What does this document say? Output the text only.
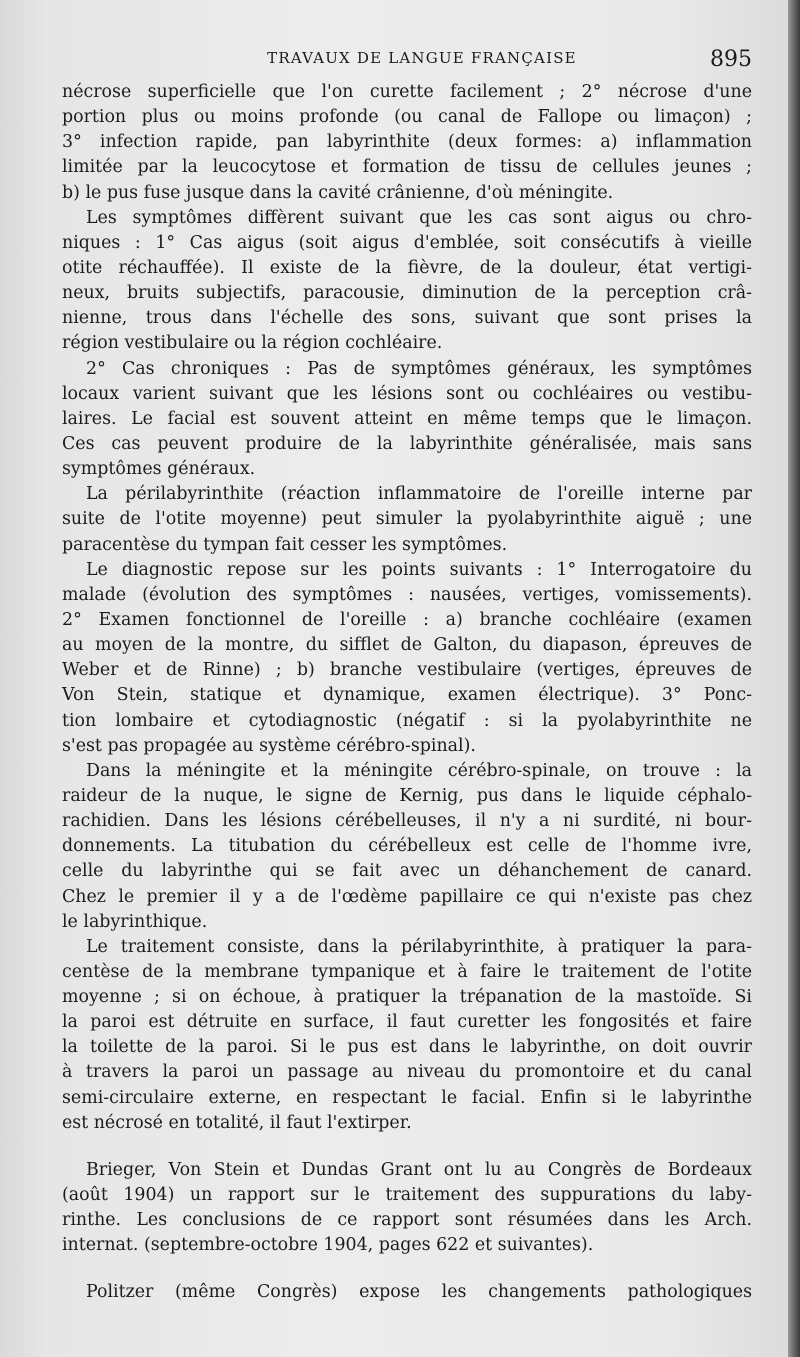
TRAVAUX DE LANGUE FRANÇAISE	895
nécrose superficielle que l'on curette facilement ; 2° nécrose d'une
portion plus ou moins profonde (ou canal de Fallope ou limaçon) ;
3° infection rapide, pan labyrinthite (deux formes: a) inflammation
limitée par la leucocytose et formation de tissu de cellules jeunes ;
b) le pus fuse jusque dans la cavité crânienne, d'où méningite.
Les symptômes diffèrent suivant que les cas sont aigus ou chro-
niques : 1° Cas aigus (soit aigus d'emblée, soit consécutifs à vieille
otite réchauffée). Il existe de la fièvre, de la douleur, état vertigi-
neux, bruits subjectifs, paracousie, diminution de la perception crâ-
nienne, trous dans l'échelle des sons, suivant que sont prises la
région vestibulaire ou la région cochléaire.
2° Cas chroniques : Pas de symptômes généraux, les symptômes
locaux varient suivant que les lésions sont ou cochléaires ou vestibu-
laires. Le facial est souvent atteint en même temps que le limaçon.
Ces cas peuvent produire de la labyrinthite généralisée, mais sans
symptômes généraux.
La périlabyrinthite (réaction inflammatoire de l'oreille interne par
suite de l'otite moyenne) peut simuler la pyolabyrinthite aiguë ; une
paracentèse du tympan fait cesser les symptômes.
Le diagnostic repose sur les points suivants : 1° Interrogatoire du
malade (évolution des symptômes : nausées, vertiges, vomissements).
2° Examen fonctionnel de l'oreille : a) branche cochléaire (examen
au moyen de la montre, du sifflet de Galton, du diapason, épreuves de
Weber et de Rinne) ; b) branche vestibulaire (vertiges, épreuves de
Von Stein, statique et dynamique, examen électrique). 3° Ponc-
tion lombaire et cytodiagnostic (négatif : si la pyolabyrinthite ne
s'est pas propagée au système cérébro-spinal).
Dans la méningite et la méningite cérébro-spinale, on trouve : la
raideur de la nuque, le signe de Kernig, pus dans le liquide céphalo-
rachidien. Dans les lésions cérébelleuses, il n'y a ni surdité, ni bour-
donnements. La titubation du cérébelleux est celle de l'homme ivre,
celle du labyrinthe qui se fait avec un déhanchement de canard.
Chez le premier il y a de l'œdème papillaire ce qui n'existe pas chez
le labyrinthique.
Le traitement consiste, dans la périlabyrinthite, à pratiquer la para-
centèse de la membrane tympanique et à faire le traitement de l'otite
moyenne ; si on échoue, à pratiquer la trépanation de la mastoïde. Si
la paroi est détruite en surface, il faut curetter les fongosités et faire
la toilette de la paroi. Si le pus est dans le labyrinthe, on doit ouvrir
à travers la paroi un passage au niveau du promontoire et du canal
semi-circulaire externe, en respectant le facial. Enfin si le labyrinthe
est nécrosé en totalité, il faut l'extirper.
Brieger, Von Stein et Dundas Grant ont lu au Congrès de Bordeaux
(août 1904) un rapport sur le traitement des suppurations du laby-
rinthe. Les conclusions de ce rapport sont résumées dans les Arch.
internat. (septembre-octobre 1904, pages 622 et suivantes).
Politzer (même Congrès) expose les changements pathologiques
